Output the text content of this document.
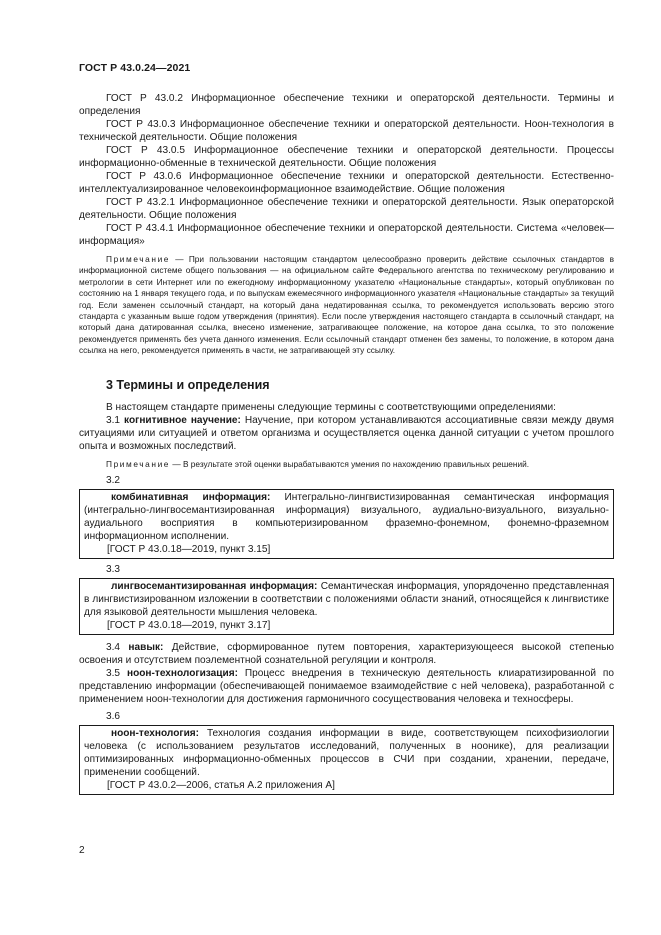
ГОСТ Р 43.0.24—2021

ГОСТ Р 43.0.2 Информационное обеспечение техники и операторской деятельности. Термины и определения

ГОСТ Р 43.0.3 Информационное обеспечение техники и операторской деятельности. Ноон-технология в технической деятельности. Общие положения

ГОСТ Р 43.0.5 Информационное обеспечение техники и операторской деятельности. Процессы информационно-обменные в технической деятельности. Общие положения

ГОСТ Р 43.0.6 Информационное обеспечение техники и операторской деятельности. Естественно-интеллектуализированное человекоинформационное взаимодействие. Общие положения

ГОСТ Р 43.2.1 Информационное обеспечение техники и операторской деятельности. Язык операторской деятельности. Общие положения

ГОСТ Р 43.4.1 Информационное обеспечение техники и операторской деятельности. Система «человек—информация»

Примечание — При пользовании настоящим стандартом целесообразно проверить действие ссылочных стандартов в информационной системе общего пользования — на официальном сайте Федерального агентства по техническому регулированию и метрологии в сети Интернет или по ежегодному информационному указателю «Национальные стандарты», который опубликован по состоянию на 1 января текущего года, и по выпускам ежемесячного информационного указателя «Национальные стандарты» за текущий год. Если заменен ссылочный стандарт, на который дана недатированная ссылка, то рекомендуется использовать версию этого стандарта с указанным выше годом утверждения (принятия). Если после утверждения настоящего стандарта в ссылочный стандарт, на который дана датированная ссылка, внесено изменение, затрагивающее положение, на которое дана ссылка, то это положение рекомендуется применять без учета данного изменения. Если ссылочный стандарт отменен без замены, то положение, в котором дана ссылка на него, рекомендуется применять в части, не затрагивающей эту ссылку.

3 Термины и определения

В настоящем стандарте применены следующие термины с соответствующими определениями:

3.1 когнитивное научение: Научение, при котором устанавливаются ассоциативные связи между двумя ситуациями или ситуацией и ответом организма и осуществляется оценка данной ситуации с учетом прошлого опыта и возможных последствий.

Примечание — В результате этой оценки вырабатываются умения по нахождению правильных решений.

3.2

комбинативная информация: Интегрально-лингвистизированная семантическая информация (интегрально-лингвосемантизированная информация) визуального, аудиально-визуального, визуально-аудиального восприятия в компьютеризированном фраземно-фонемном, фонемно-фраземном информационном исполнении.

[ГОСТ Р 43.0.18—2019, пункт 3.15]

3.3

лингвосемантизированная информация: Семантическая информация, упорядоченно представленная в лингвистизированном изложении в соответствии с положениями области знаний, относящейся к лингвистике для языковой деятельности мышления человека.

[ГОСТ Р 43.0.18—2019, пункт 3.17]

3.4 навык: Действие, сформированное путем повторения, характеризующееся высокой степенью освоения и отсутствием поэлементной сознательной регуляции и контроля.

3.5 ноон-технологизация: Процесс внедрения в техническую деятельность клиаратизированной по представлению информации (обеспечивающей понимаемое взаимодействие с ней человека), разработанной с применением ноон-технологии для достижения гармоничного сосуществования человека и техносферы.

3.6

ноон-технология: Технология создания информации в виде, соответствующем психофизиологии человека (с использованием результатов исследований, полученных в ноонике), для реализации оптимизированных информационно-обменных процессов в СЧИ при создании, хранении, передаче, применении сообщений.

[ГОСТ Р 43.0.2—2006, статья А.2 приложения А]

2
